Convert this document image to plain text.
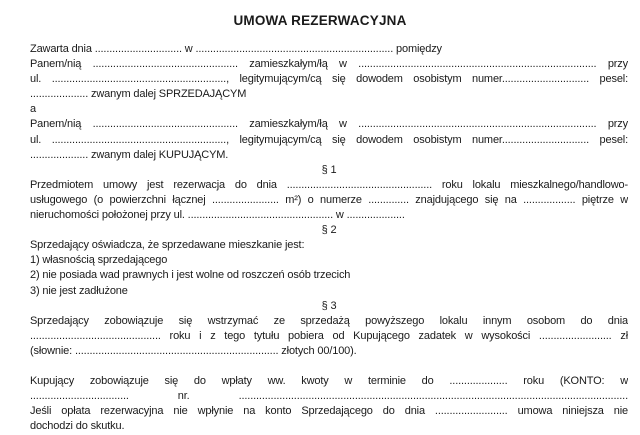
UMOWA REZERWACYJNA
Zawarta dnia .............................. w .................................................................... pomiędzy
Panem/nią .................................................. zamieszkałym/łą w .................................................................................. przy
ul. ............................................................, legitymującym/cą się dowodem osobistym numer.............................. pesel:
.................... zwanym dalej SPRZEDAJĄCYM
a
Panem/nią .................................................. zamieszkałym/łą w .................................................................................. przy
ul. ............................................................, legitymującym/cą się dowodem osobistym numer.............................. pesel:
.................... zwanym dalej KUPUJĄCYM.
§ 1
Przedmiotem umowy jest rezerwacja do dnia .................................................. roku lokalu mieszkalnego/handlowo-
usługowego (o powierzchni łącznej ....................... m²) o numerze .............. znajdującego się na .................. piętrze w
nieruchomości położonej przy ul. .................................................. w ....................
§ 2
Sprzedający oświadcza, że sprzedawane mieszkanie jest:
1) własnością sprzedającego
2) nie posiada wad prawnych i jest wolne od roszczeń osób trzecich
3) nie jest zadłużone
§ 3
Sprzedający zobowiązuje się wstrzymać ze sprzedażą powyższego lokalu innym osobom do dnia
............................................. roku i z tego tytułu pobiera od Kupującego zadatek w wysokości ......................... zł
(słownie: ...................................................................... złotych 00/100).
Kupujący zobowiązuje się do wpłaty ww. kwoty w terminie do .................... roku (KONTO: w
.................................. nr. ......................................................................................................................................
Jeśli opłata rezerwacyjna nie wpłynie na konto Sprzedającego do dnia ......................... umowa niniejsza nie
dochodzi do skutku.
